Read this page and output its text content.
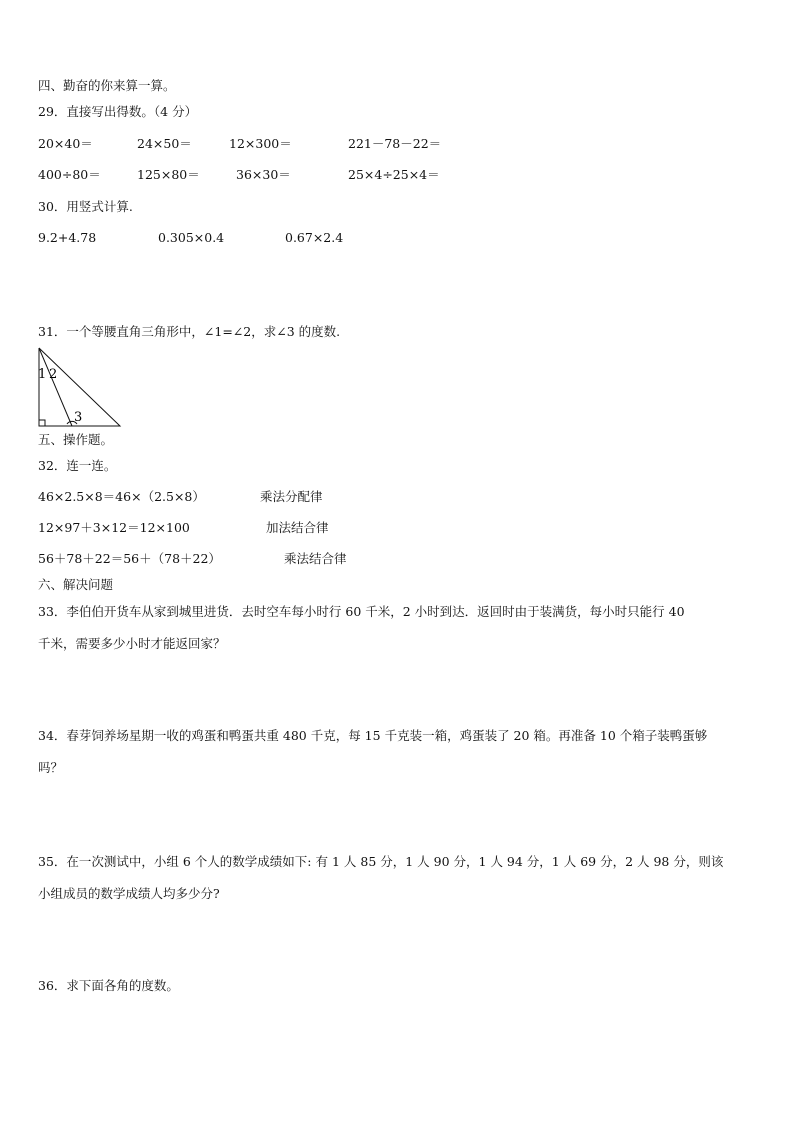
四、勤奋的你来算一算。
29．直接写出得数。（4 分）
20×40＝	24×50＝	12×300＝	221－78－22＝
400÷80＝	125×80＝	36×30＝	25×4÷25×4＝
30．用竖式计算.
9.2+4.78	0.305×0.4	0.67×2.4
31．一个等腰直角三角形中，∠1=∠2，求∠3 的度数.
1 2
3
五、操作题。
32．连一连。
46×2.5×8＝46×（2.5×8）	乘法分配律
12×97＋3×12＝12×100	加法结合律
56＋78＋22＝56＋（78＋22）	乘法结合律
六、解决问题
33．李伯伯开货车从家到城里进货．去时空车每小时行 60 千米，2 小时到达．返回时由于装满货，每小时只能行 40
千米，需要多少小时才能返回家？
34．春芽饲养场星期一收的鸡蛋和鸭蛋共重 480 千克，每 15 千克装一箱，鸡蛋装了 20 箱。再准备 10 个箱子装鸭蛋够
吗？
35．在一次测试中，小组 6 个人的数学成绩如下: 有 1 人 85 分，1 人 90 分，1 人 94 分，1 人 69 分，2 人 98 分，则该
小组成员的数学成绩人均多少分?
36．求下面各角的度数。
